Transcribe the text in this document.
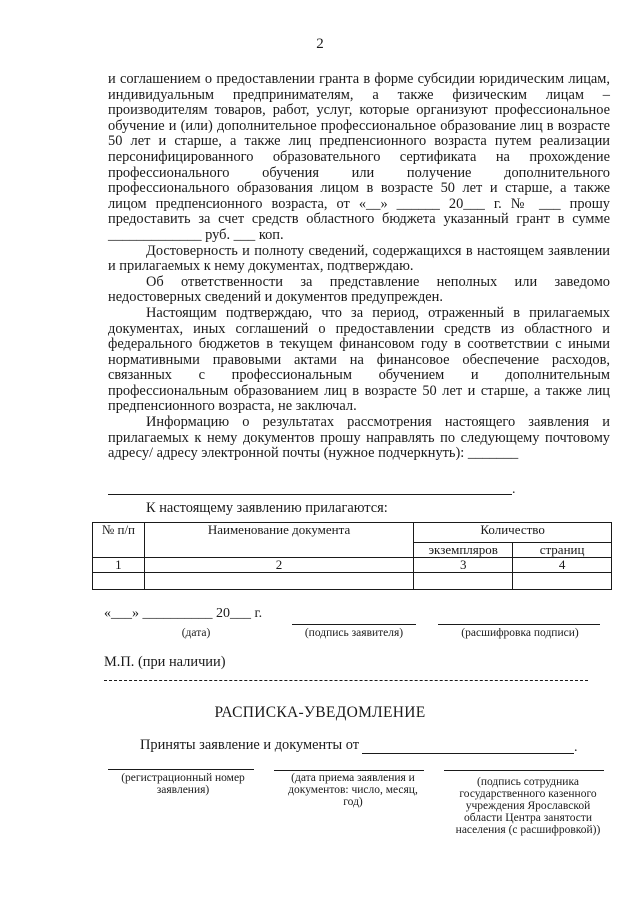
2

и соглашением о предоставлении гранта в форме субсидии юридическим лицам, индивидуальным предпринимателям, а также физическим лицам – производителям товаров, работ, услуг, которые организуют профессиональное обучение и (или) дополнительное профессиональное образование лиц в возрасте 50 лет и старше, а также лиц предпенсионного возраста путем реализации персонифицированного образовательного сертификата на прохождение профессионального обучения или получение дополнительного профессионального образования лицом в возрасте 50 лет и старше, а также лицом предпенсионного возраста, от «__» ______ 20___ г. № ___ прошу предоставить за счет средств областного бюджета указанный грант в сумме _____________ руб. ___ коп.

Достоверность и полноту сведений, содержащихся в настоящем заявлении и прилагаемых к нему документах, подтверждаю.

Об ответственности за представление неполных или заведомо недостоверных сведений и документов предупрежден.

Настоящим подтверждаю, что за период, отраженный в прилагаемых документах, иных соглашений о предоставлении средств из областного и федерального бюджетов в текущем финансовом году в соответствии с иными нормативными правовыми актами на финансовое обеспечение расходов, связанных с профессиональным обучением и дополнительным профессиональным образованием лиц в возрасте 50 лет и старше, а также лиц предпенсионного возраста, не заключал.

Информацию о результатах рассмотрения настоящего заявления и прилагаемых к нему документов прошу направлять по следующему почтовому адресу/ адресу электронной почты (нужное подчеркнуть): _______

.
К настоящему заявлению прилагаются:
№ п/п	Наименование документа	Количество	
		экземпляров	страниц
1	2	3	4

«___» __________ 20___ г.
(дата)	(подпись заявителя)	(расшифровка подписи)
М.П. (при наличии)
РАСПИСКА-УВЕДОМЛЕНИЕ
Приняты заявление и документы от	.
(регистрационный номер заявления)
(дата приема заявления и документов: число, месяц, год)
(подпись сотрудника государственного казенного учреждения Ярославской области Центра занятости населения (с расшифровкой))
